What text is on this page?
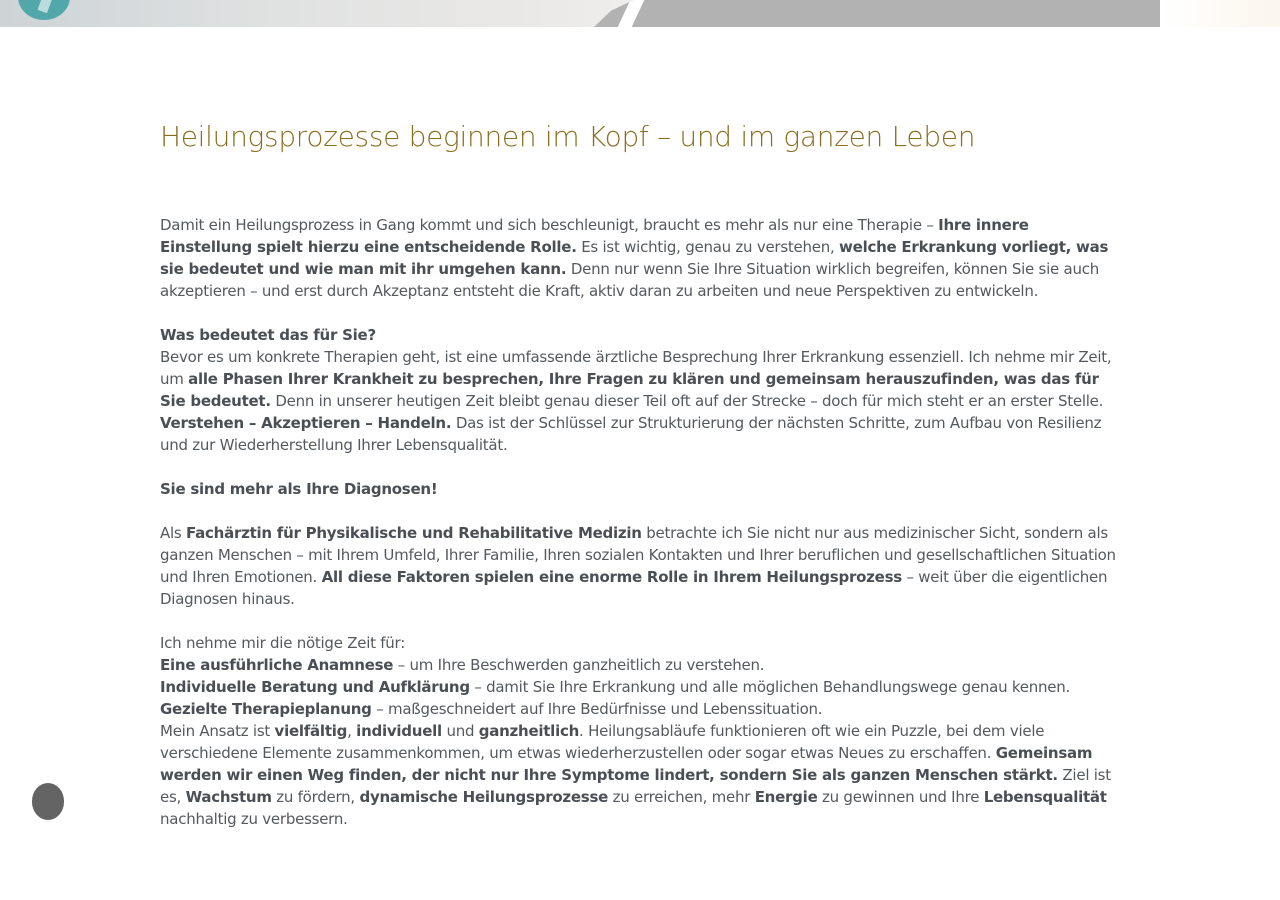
Heilungsprozesse beginnen im Kopf – und im ganzen Leben

Damit ein Heilungsprozess in Gang kommt und sich beschleunigt, braucht es mehr als nur eine Therapie – Ihre innere Einstellung spielt hierzu eine entscheidende Rolle. Es ist wichtig, genau zu verstehen, welche Erkrankung vorliegt, was sie bedeutet und wie man mit ihr umgehen kann. Denn nur wenn Sie Ihre Situation wirklich begreifen, können Sie sie auch akzeptieren – und erst durch Akzeptanz entsteht die Kraft, aktiv daran zu arbeiten und neue Perspektiven zu entwickeln.

Was bedeutet das für Sie?
Bevor es um konkrete Therapien geht, ist eine umfassende ärztliche Besprechung Ihrer Erkrankung essenziell. Ich nehme mir Zeit, um alle Phasen Ihrer Krankheit zu besprechen, Ihre Fragen zu klären und gemeinsam herauszufinden, was das für Sie bedeutet. Denn in unserer heutigen Zeit bleibt genau dieser Teil oft auf der Strecke – doch für mich steht er an erster Stelle. Verstehen – Akzeptieren – Handeln. Das ist der Schlüssel zur Strukturierung der nächsten Schritte, zum Aufbau von Resilienz und zur Wiederherstellung Ihrer Lebensqualität.

Sie sind mehr als Ihre Diagnosen!

Als Fachärztin für Physikalische und Rehabilitative Medizin betrachte ich Sie nicht nur aus medizinischer Sicht, sondern als ganzen Menschen – mit Ihrem Umfeld, Ihrer Familie, Ihren sozialen Kontakten und Ihrer beruflichen und gesellschaftlichen Situation und Ihren Emotionen. All diese Faktoren spielen eine enorme Rolle in Ihrem Heilungsprozess – weit über die eigentlichen Diagnosen hinaus.

Ich nehme mir die nötige Zeit für:
Eine ausführliche Anamnese – um Ihre Beschwerden ganzheitlich zu verstehen.
Individuelle Beratung und Aufklärung – damit Sie Ihre Erkrankung und alle möglichen Behandlungswege genau kennen.
Gezielte Therapieplanung – maßgeschneidert auf Ihre Bedürfnisse und Lebenssituation.
Mein Ansatz ist vielfältig, individuell und ganzheitlich. Heilungsabläufe funktionieren oft wie ein Puzzle, bei dem viele verschiedene Elemente zusammenkommen, um etwas wiederherzustellen oder sogar etwas Neues zu erschaffen. Gemeinsam werden wir einen Weg finden, der nicht nur Ihre Symptome lindert, sondern Sie als ganzen Menschen stärkt. Ziel ist es, Wachstum zu fördern, dynamische Heilungsprozesse zu erreichen, mehr Energie zu gewinnen und Ihre Lebensqualität nachhaltig zu verbessern.
